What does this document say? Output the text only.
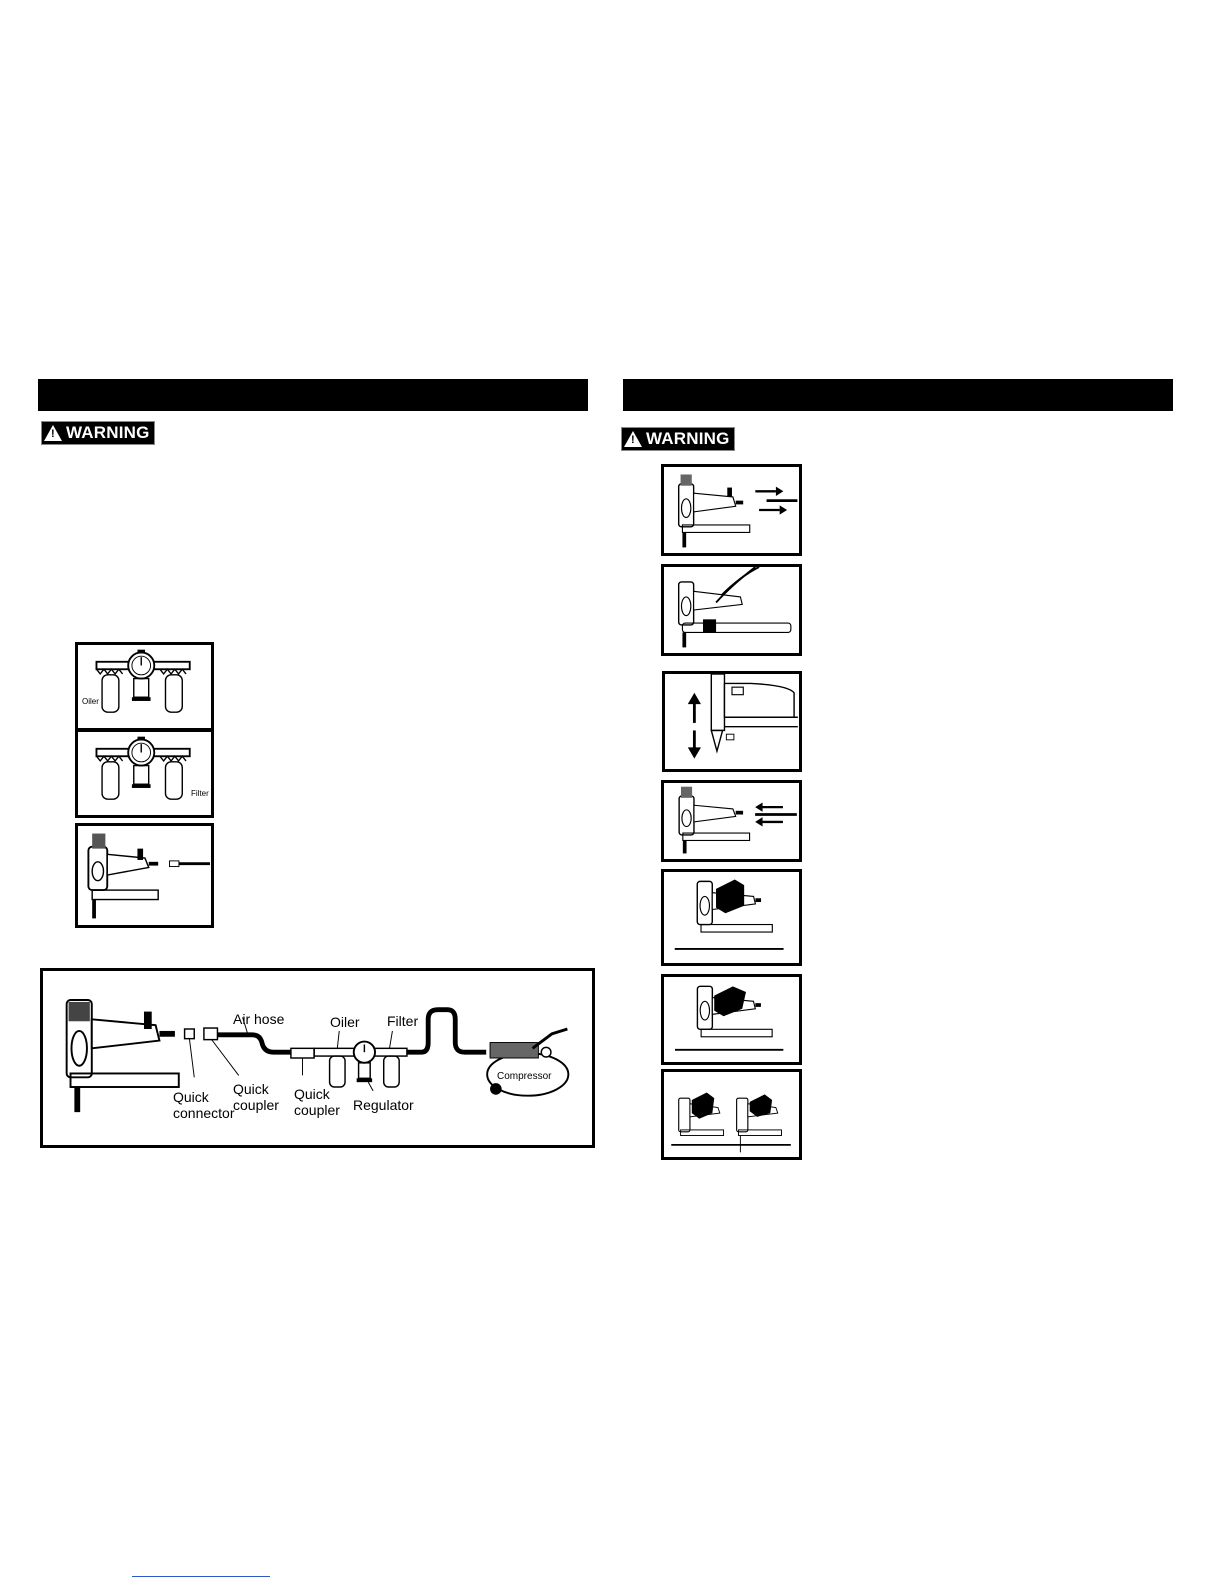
! WARNING
Oiler
Filter
Air hose	Oiler Filter
Quick
connector
Quick
coupler
Quick
coupler Regulator
Compressor
! WARNING
